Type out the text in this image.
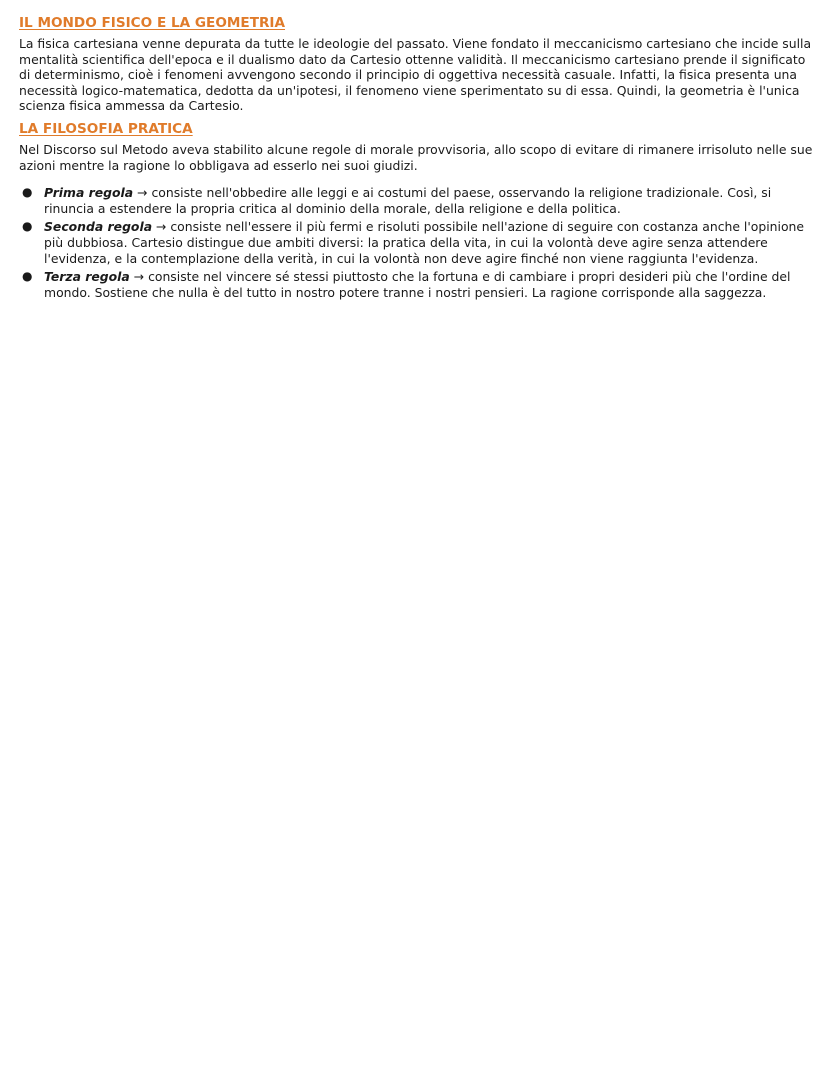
IL MONDO FISICO E LA GEOMETRIA

La fisica cartesiana venne depurata da tutte le ideologie del passato. Viene fondato il meccanicismo cartesiano che incide sulla mentalità scientifica dell'epoca e il dualismo dato da Cartesio ottenne validità. Il meccanicismo cartesiano prende il significato di determinismo, cioè i fenomeni avvengono secondo il principio di oggettiva necessità casuale. Infatti, la fisica presenta una necessità logico-matematica, dedotta da un'ipotesi, il fenomeno viene sperimentato su di essa. Quindi, la geometria è l'unica scienza fisica ammessa da Cartesio.

LA FILOSOFIA PRATICA

Nel Discorso sul Metodo aveva stabilito alcune regole di morale provvisoria, allo scopo di evitare di rimanere irrisoluto nelle sue azioni mentre la ragione lo obbligava ad esserlo nei suoi giudizi.

● Prima regola → consiste nell'obbedire alle leggi e ai costumi del paese, osservando la religione tradizionale. Così, si rinuncia a estendere la propria critica al dominio della morale, della religione e della politica.
● Seconda regola → consiste nell'essere il più fermi e risoluti possibile nell'azione di seguire con costanza anche l'opinione più dubbiosa. Cartesio distingue due ambiti diversi: la pratica della vita, in cui la volontà deve agire senza attendere l'evidenza, e la contemplazione della verità, in cui la volontà non deve agire finché non viene raggiunta l'evidenza.
● Terza regola → consiste nel vincere sé stessi piuttosto che la fortuna e di cambiare i propri desideri più che l'ordine del mondo. Sostiene che nulla è del tutto in nostro potere tranne i nostri pensieri. La ragione corrisponde alla saggezza.
